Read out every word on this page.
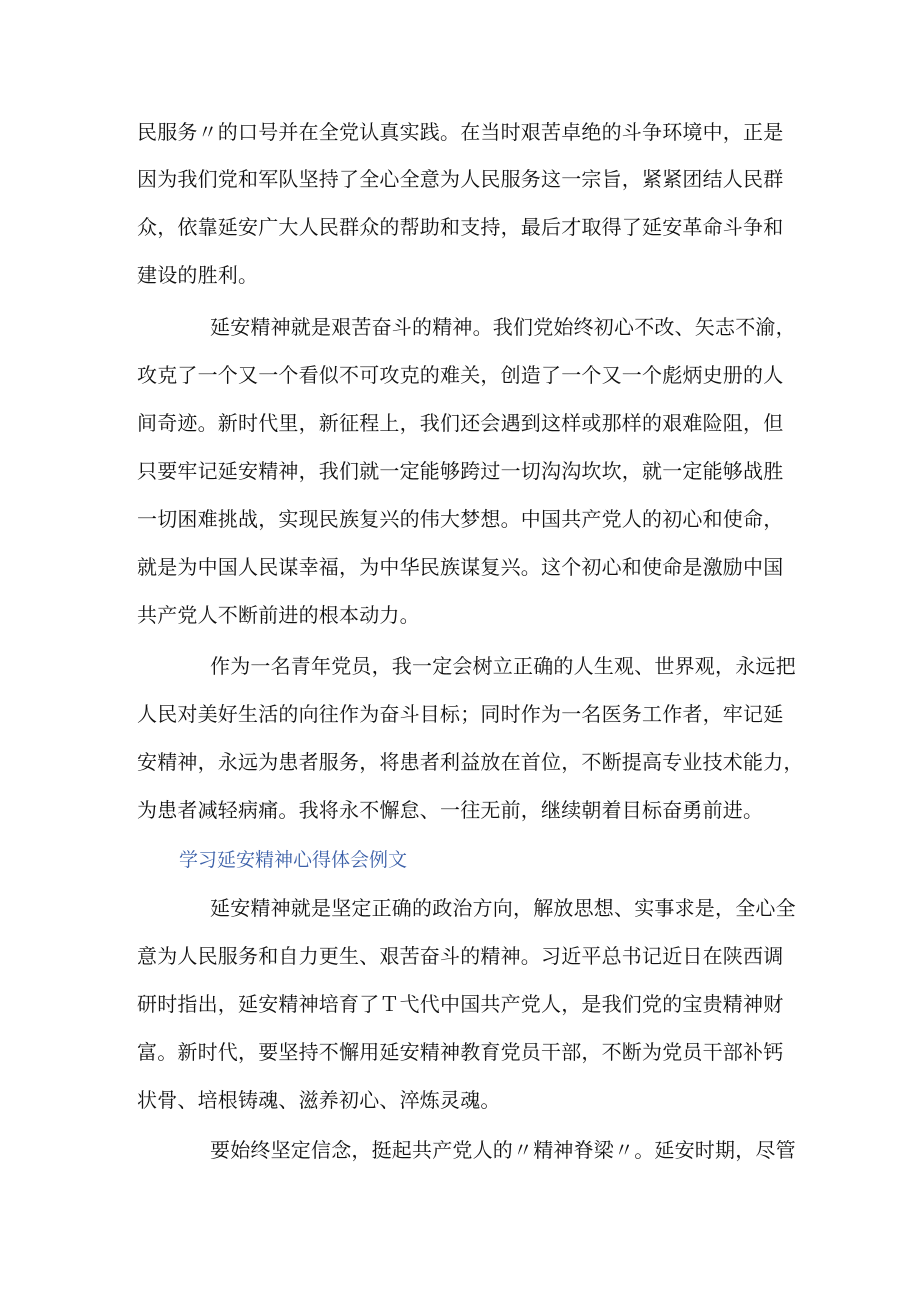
民服务〃的口号并在全党认真实践。在当时艰苦卓绝的斗争环境中，正是
因为我们党和军队坚持了全心全意为人民服务这一宗旨，紧紧团结人民群
众，依靠延安广大人民群众的帮助和支持，最后才取得了延安革命斗争和
建设的胜利。
延安精神就是艰苦奋斗的精神。我们党始终初心不改、矢志不渝，
攻克了一个又一个看似不可攻克的难关，创造了一个又一个彪炳史册的人
间奇迹。新时代里，新征程上，我们还会遇到这样或那样的艰难险阻，但
只要牢记延安精神，我们就一定能够跨过一切沟沟坎坎，就一定能够战胜
一切困难挑战，实现民族复兴的伟大梦想。中国共产党人的初心和使命，
就是为中国人民谋幸福，为中华民族谋复兴。这个初心和使命是激励中国
共产党人不断前进的根本动力。
作为一名青年党员，我一定会树立正确的人生观、世界观，永远把
人民对美好生活的向往作为奋斗目标；同时作为一名医务工作者，牢记延
安精神，永远为患者服务，将患者利益放在首位，不断提高专业技术能力，
为患者减轻病痛。我将永不懈怠、一往无前，继续朝着目标奋勇前进。
学习延安精神心得体会例文
延安精神就是坚定正确的政治方向，解放思想、实事求是，全心全
意为人民服务和自力更生、艰苦奋斗的精神。习近平总书记近日在陕西调
研时指出，延安精神培育了Ｔ弋代中国共产党人，是我们党的宝贵精神财
富。新时代，要坚持不懈用延安精神教育党员干部，不断为党员干部补钙
状骨、培根铸魂、滋养初心、淬炼灵魂。
要始终坚定信念，挺起共产党人的〃精神脊梁〃。延安时期，尽管
